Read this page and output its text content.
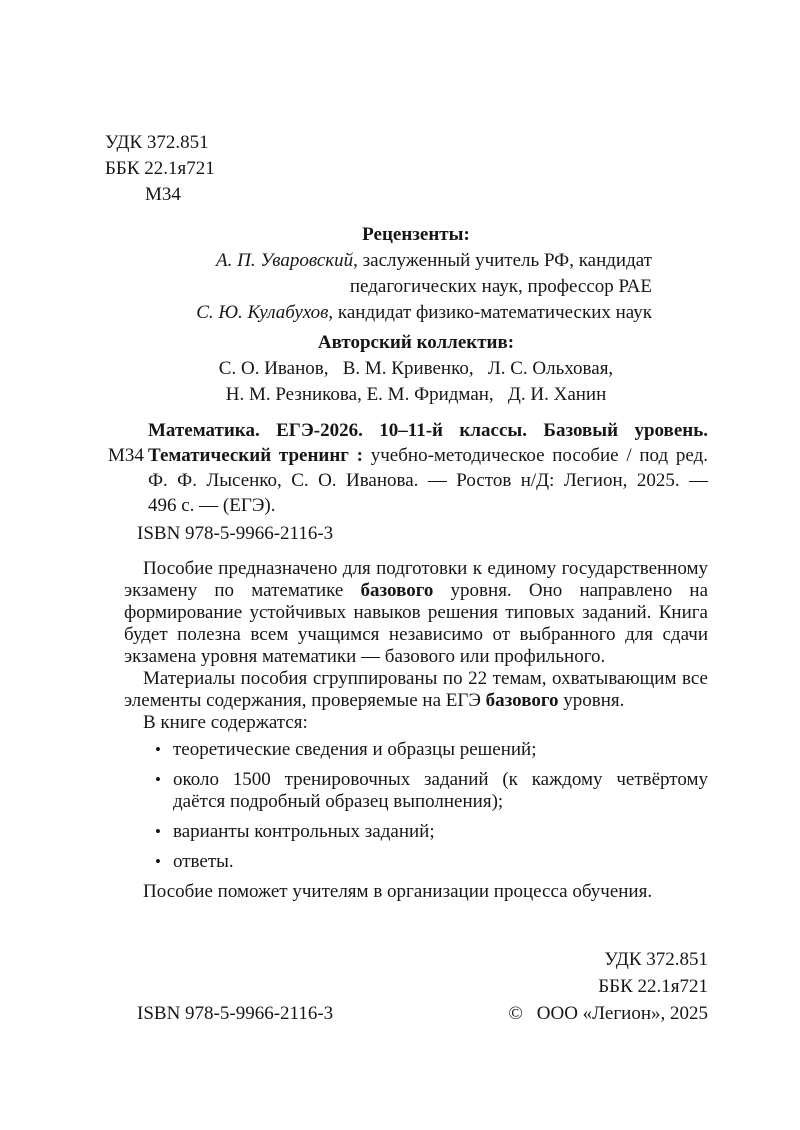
УДК 372.851
ББК 22.1я721
М34
Рецензенты:
А. П. Уваровский, заслуженный учитель РФ, кандидат
педагогических наук, профессор РАЕ
С. Ю. Кулабухов, кандидат физико-математических наук
Авторский коллектив:
С. О. Иванов,  В. М. Кривенко,  Л. С. Ольховая,
Н. М. Резникова, Е. М. Фридман,  Д. И. Ханин
М34
Математика. ЕГЭ-2026. 10–11-й классы. Базовый уровень.
Тематический тренинг : учебно-методическое пособие / под ред.
Ф. Ф. Лысенко, С. О. Иванова. — Ростов н/Д: Легион, 2025. —
496 с. — (ЕГЭ).
ISBN 978-5-9966-2116-3

Пособие предназначено для подготовки к единому государственному экзамену по математике базового уровня. Оно направлено на формирование устойчивых навыков решения типовых заданий. Книга будет полезна всем учащимся независимо от выбранного для сдачи экзамена уровня математики — базового или профильного.

Материалы пособия сгруппированы по 22 темам, охватывающим все элементы содержания, проверяемые на ЕГЭ базового уровня.

В книге содержатся:

• теоретические сведения и образцы решений;
• около 1500 тренировочных заданий (к каждому четвёртому даётся подробный образец выполнения);
• варианты контрольных заданий;
• ответы.

Пособие поможет учителям в организации процесса обучения.

УДК 372.851
ББК 22.1я721
ISBN 978-5-9966-2116-3	© ООО «Легион», 2025
